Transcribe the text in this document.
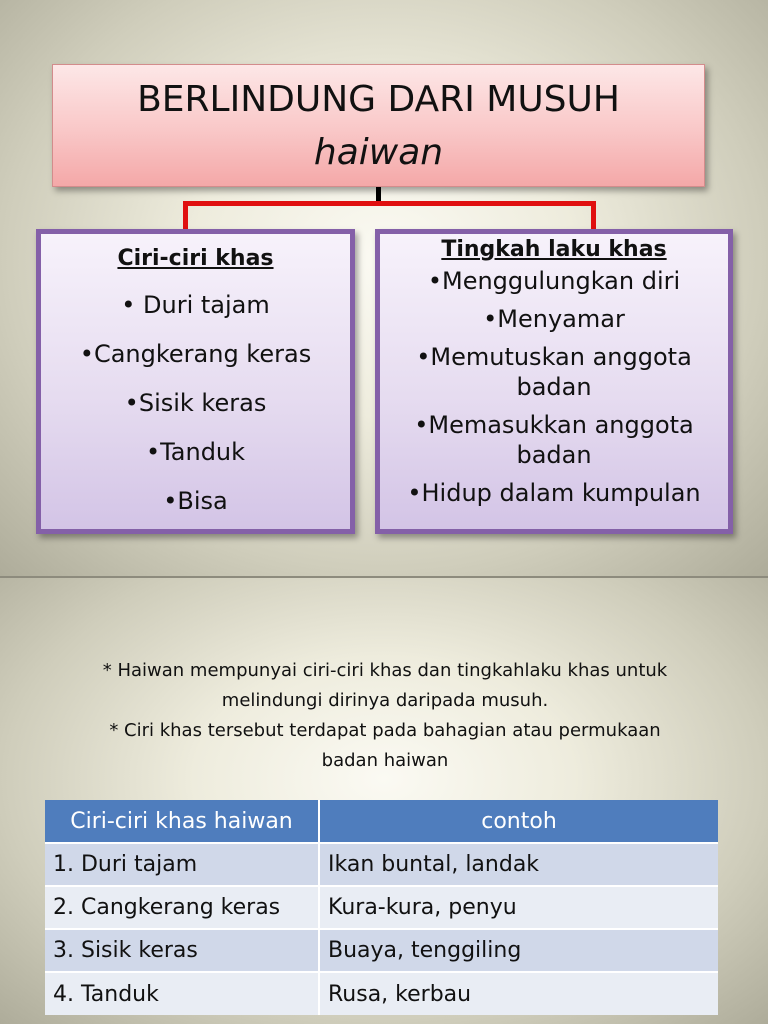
BERLINDUNG DARI MUSUH
haiwan
Ciri-ciri khas
• Duri tajam
•Cangkerang keras
•Sisik keras
•Tanduk
•Bisa
Tingkah laku khas
•Menggulungkan diri
•Menyamar
•Memutuskan anggota badan
•Memasukkan anggota badan
•Hidup dalam kumpulan
* Haiwan mempunyai ciri-ciri khas dan tingkahlaku khas untuk
melindungi dirinya daripada musuh.
* Ciri khas tersebut terdapat pada bahagian atau permukaan
badan haiwan
Ciri-ciri khas haiwan	contoh
1. Duri tajam	Ikan buntal, landak
2. Cangkerang keras	Kura-kura, penyu
3. Sisik keras	Buaya, tenggiling
4. Tanduk	Rusa, kerbau
